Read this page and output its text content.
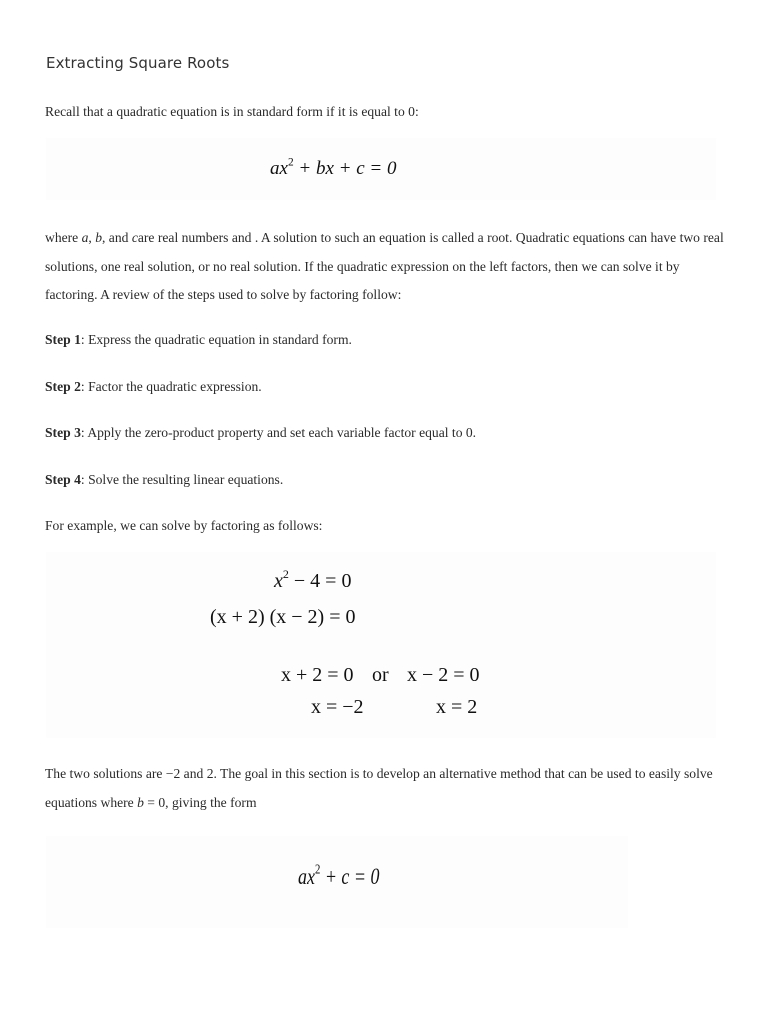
Extracting Square Roots
Recall that a quadratic equation is in standard form if it is equal to 0:
$ax^2$ + bx + c = 0
where a, b, and care real numbers and . A solution to such an equation is called a root. Quadratic equations can have two real solutions, one real solution, or no real solution. If the quadratic expression on the left factors, then we can solve it by factoring. A review of the steps used to solve by factoring follow:
Step 1: Express the quadratic equation in standard form.
Step 2: Factor the quadratic expression.
Step 3: Apply the zero-product property and set each variable factor equal to 0.
Step 4: Solve the resulting linear equations.
For example, we can solve by factoring as follows:
$x^2 - 4 = 0$
(x + 2) (x − 2) = 0
x + 2 = 0 or x − 2 = 0
x = −2	x = 2
The two solutions are −2 and 2. The goal in this section is to develop an alternative method that can be used to easily solve equations where b = 0, giving the form
$ax^2 + c = 0$
